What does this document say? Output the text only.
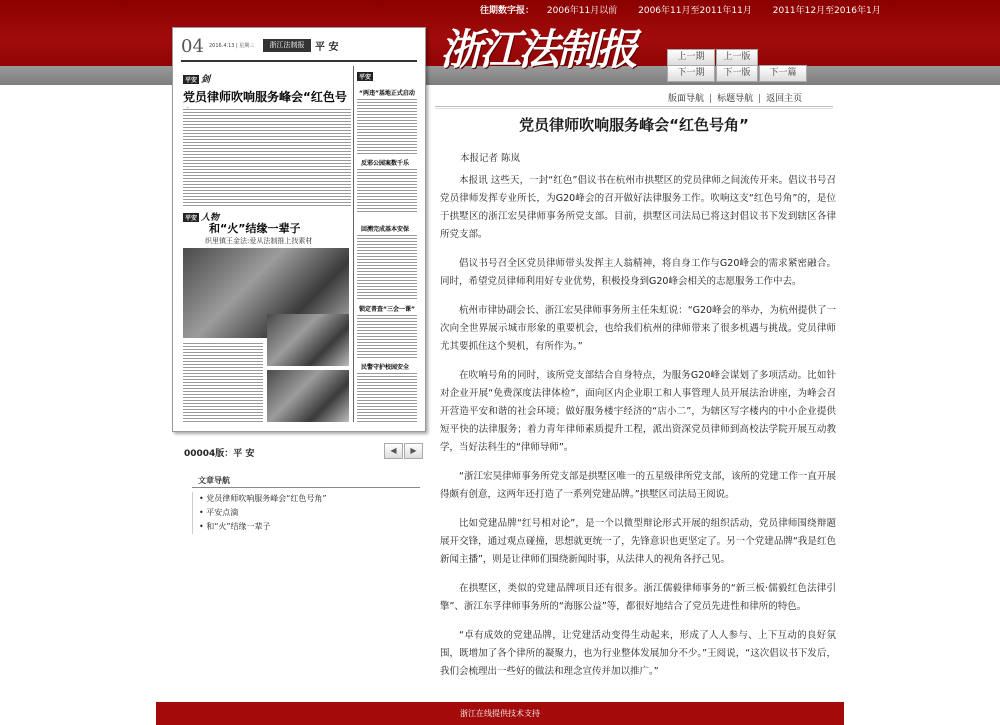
往期数字报： 2006年11月以前 2006年11月至2011年11月 2011年12月至2016年1月
浙江法制报	上一期	上一版
下一期	下一版	下一篇
04 2016.4.13 | 星期三	浙江法制报	平 安
平安 剑
党员律师吹响服务峰会“红色号
平安 人物
和“火”结缘一辈子
织里镇王金法:爱从法制推上找素材
平安
“两违”基地正式启动
反邪公园案数千乐
回溯完成基本安保
锁定普查“三会一课”
民警守护校园安全
00004版：平 安	◀	▶
文章导航
• 党员律师吹响服务峰会“红色号角”
• 平安点滴
• 和“火”结缘一辈子
版面导航 | 标题导航 | 返回主页
党员律师吹响服务峰会“红色号角”
本报记者 陈岚

本报讯 这些天，一封“红色”倡议书在杭州市拱墅区的党员律师之间流传开来。倡议书号召党员律师发挥专业所长，为G20峰会的召开做好法律服务工作。吹响这支“红色号角”的，是位于拱墅区的浙江宏昊律师事务所党支部。目前，拱墅区司法局已将这封倡议书下发到辖区各律所党支部。

倡议书号召全区党员律师带头发挥主人翁精神，将自身工作与G20峰会的需求紧密融合。同时，希望党员律师利用好专业优势，积极投身到G20峰会相关的志愿服务工作中去。

杭州市律协副会长、浙江宏昊律师事务所主任朱虹说：“G20峰会的举办，为杭州提供了一次向全世界展示城市形象的重要机会，也给我们杭州的律师带来了很多机遇与挑战。党员律师尤其要抓住这个契机，有所作为。”

在吹响号角的同时，该所党支部结合自身特点，为服务G20峰会谋划了多项活动。比如针对企业开展“免费深度法律体检”，面向区内企业职工和人事管理人员开展法治讲座，为峰会召开营造平安和谐的社会环境；做好服务楼宇经济的“店小二”，为辖区写字楼内的中小企业提供短平快的法律服务；着力青年律师素质提升工程，派出资深党员律师到高校法学院开展互动教学，当好法科生的“律师导师”。

“浙江宏昊律师事务所党支部是拱墅区唯一的五星级律所党支部，该所的党建工作一直开展得颇有创意，这两年还打造了一系列党建品牌。”拱墅区司法局王阅说。

比如党建品牌“红号相对论”，是一个以微型辩论形式开展的组织活动，党员律师围绕辩题展开交锋，通过观点碰撞，思想就更统一了，先锋意识也更坚定了。另一个党建品牌“我是红色新闻主播”，则是让律师们围绕新闻时事，从法律人的视角各抒己见。

在拱墅区，类似的党建品牌项目还有很多。浙江儒毅律师事务的“新三板·儒毅红色法律引擎”、浙江东孚律师事务所的“海豚公益”等，都很好地结合了党员先进性和律所的特色。

“卓有成效的党建品牌，让党建活动变得生动起来，形成了人人参与、上下互动的良好氛围，既增加了各个律所的凝聚力，也为行业整体发展加分不少。”王阅说，“这次倡议书下发后，我们会梳理出一些好的做法和理念宣传并加以推广。”

浙江在线提供技术支持
